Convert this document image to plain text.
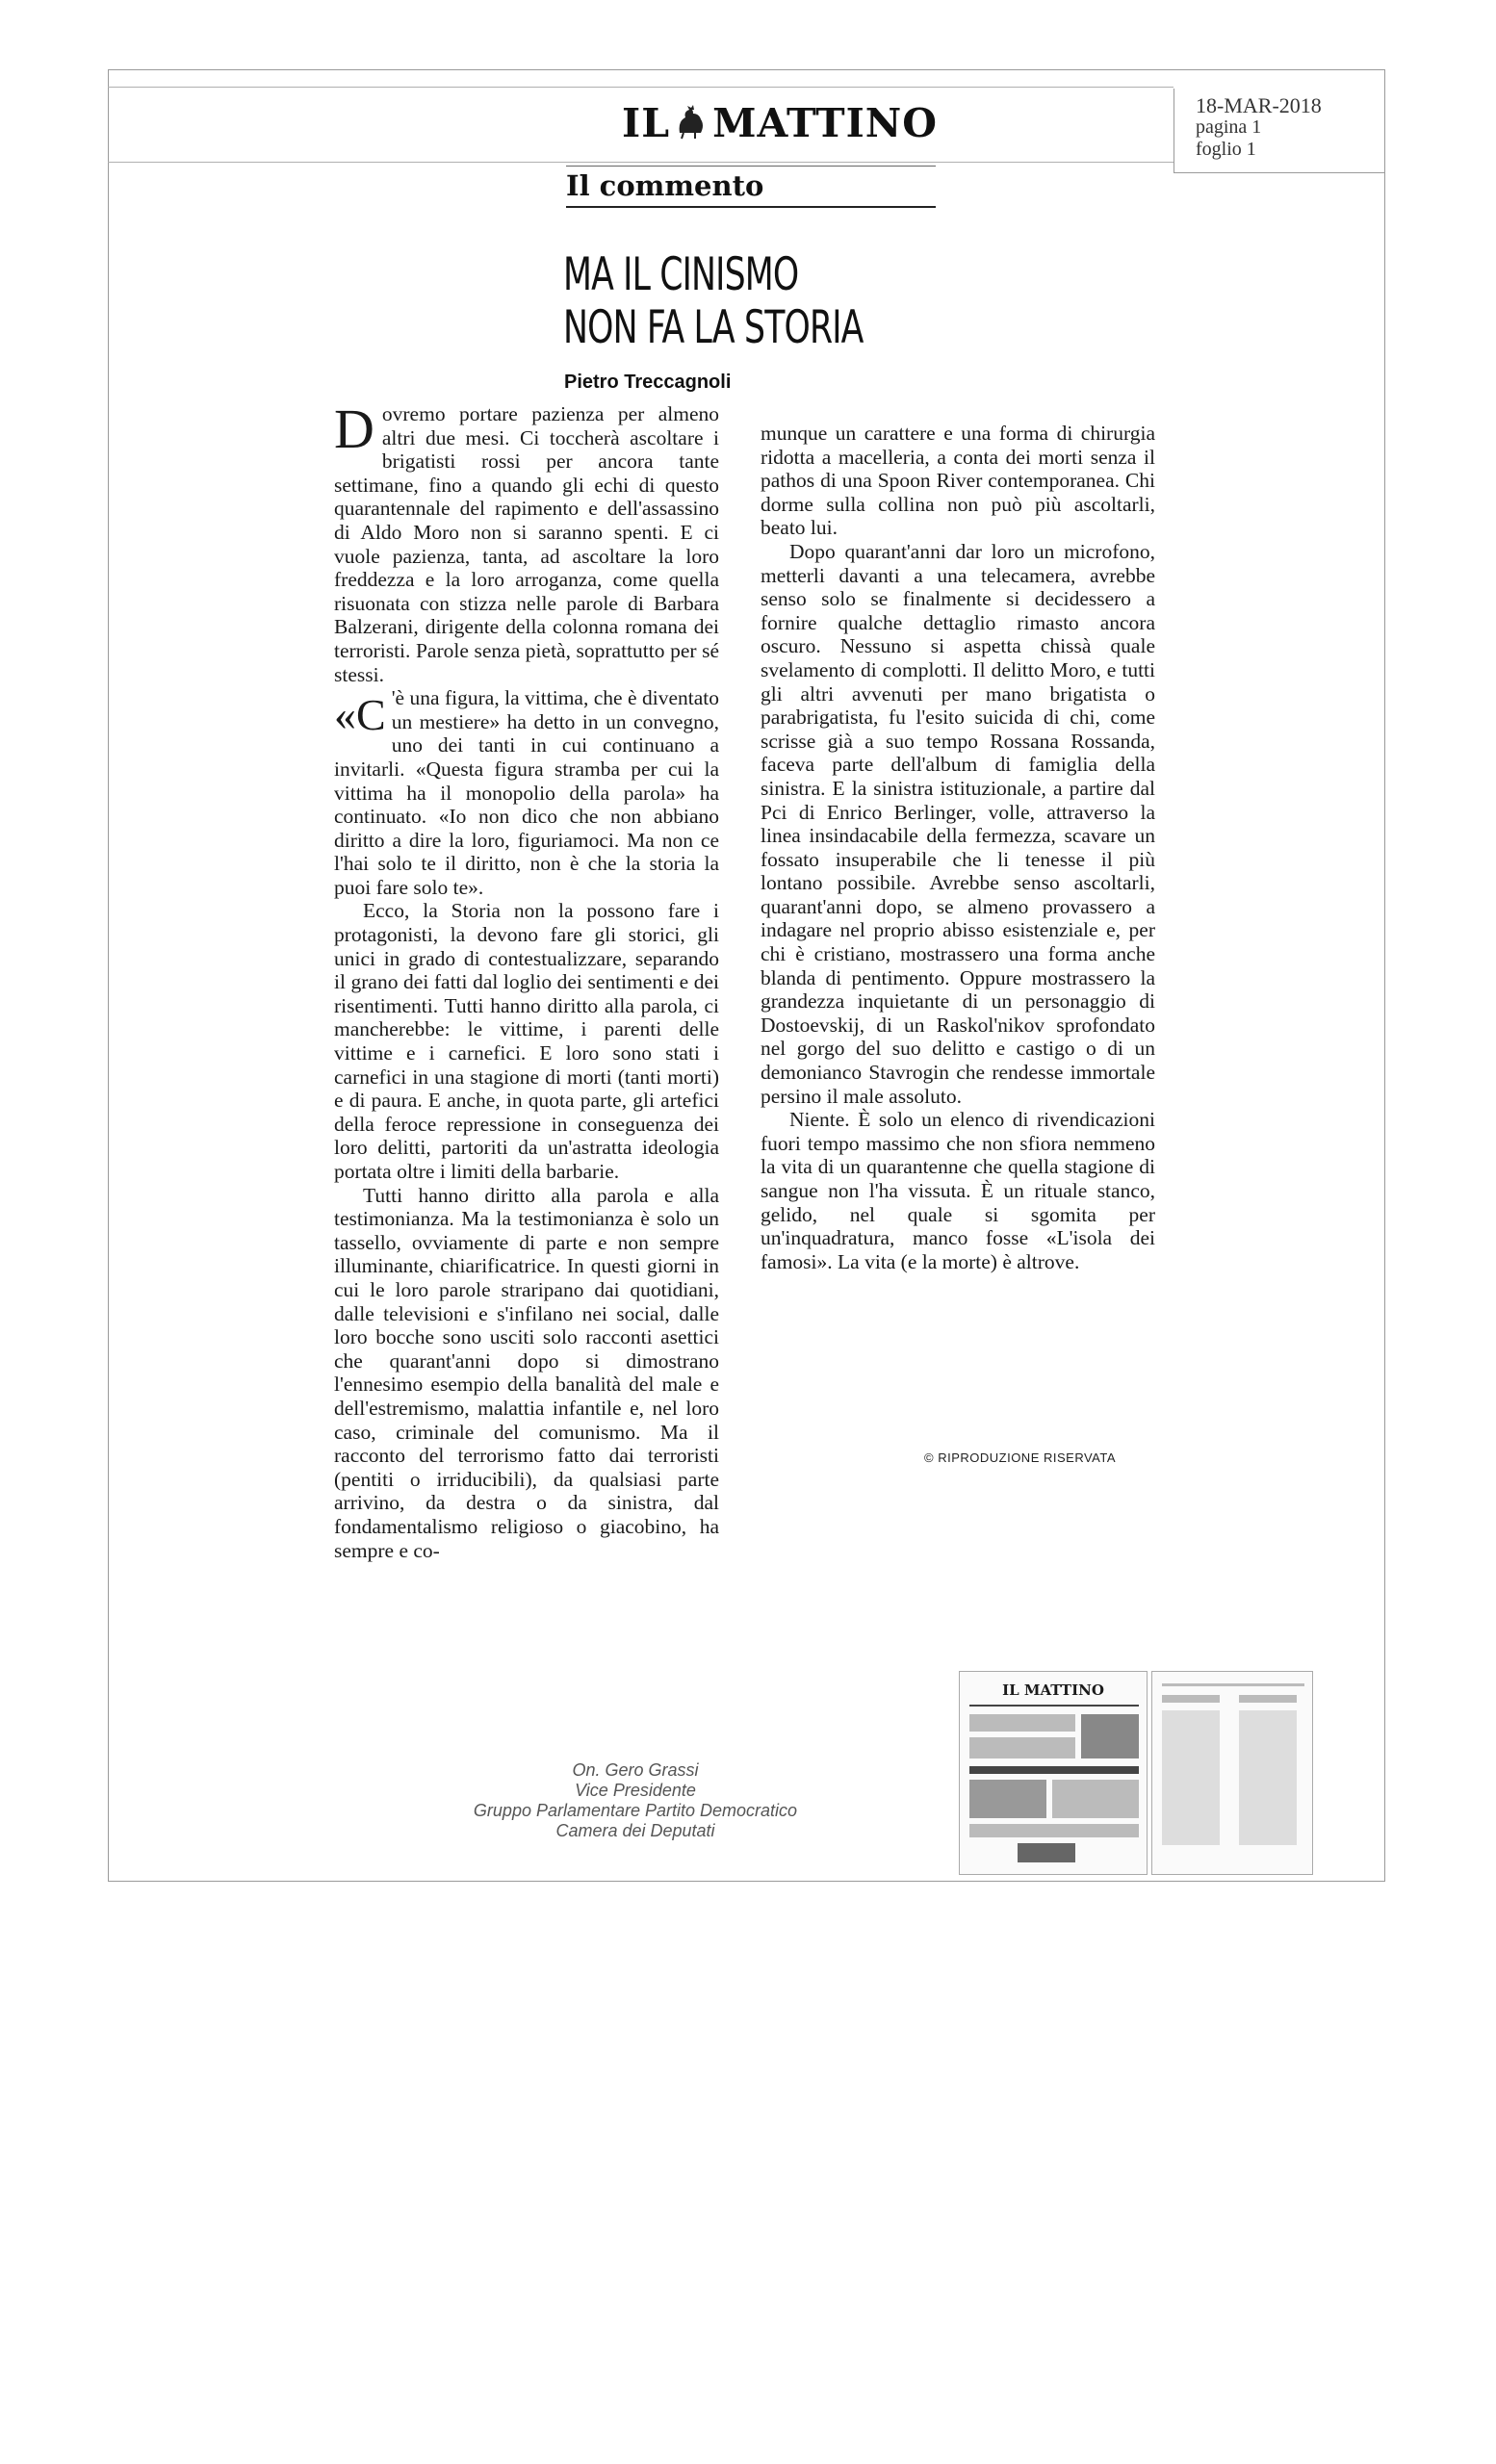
18-MAR-2018
pagina 1
foglio 1
IL MATTINO
Il commento
MA IL CINISMO
NON FA LA STORIA
Pietro Treccagnoli

Dovremo portare pazienza per almeno altri due mesi. Ci toccherà ascoltare i brigatisti rossi per ancora tante settimane, fino a quando gli echi di questo quarantennale del rapimento e dell'assassino di Aldo Moro non si saranno spenti. E ci vuole pazienza, tanta, ad ascoltare la loro freddezza e la loro arroganza, come quella risuonata con stizza nelle parole di Barbara Balzerani, dirigente della colonna romana dei terroristi. Parole senza pietà, soprattutto per sé stessi.

«C 'è una figura, la vittima, che è diventato un mestiere» ha detto in un convegno, uno dei tanti in cui continuano a invitarli. «Questa figura stramba per cui la vittima ha il monopolio della parola» ha continuato. «Io non dico che non abbiano diritto a dire la loro, figuriamoci. Ma non ce l'hai solo te il diritto, non è che la storia la puoi fare solo te».

Ecco, la Storia non la possono fare i protagonisti, la devono fare gli storici, gli unici in grado di contestualizzare, separando il grano dei fatti dal loglio dei sentimenti e dei risentimenti. Tutti hanno diritto alla parola, ci mancherebbe: le vittime, i parenti delle vittime e i carnefici. E loro sono stati i carnefici in una stagione di morti (tanti morti) e di paura. E anche, in quota parte, gli artefici della feroce repressione in conseguenza dei loro delitti, partoriti da un'astratta ideologia portata oltre i limiti della barbarie.

Tutti hanno diritto alla parola e alla testimonianza. Ma la testimonianza è solo un tassello, ovviamente di parte e non sempre illuminante, chiarificatrice. In questi giorni in cui le loro parole straripano dai quotidiani, dalle televisioni e s'infilano nei social, dalle loro bocche sono usciti solo racconti asettici che quarant'anni dopo si dimostrano l'ennesimo esempio della banalità del male e dell'estremismo, malattia infantile e, nel loro caso, criminale del comunismo. Ma il racconto del terrorismo fatto dai terroristi (pentiti o irriducibili), da qualsiasi parte arrivino, da destra o da sinistra, dal fondamentalismo religioso o giacobino, ha sempre e co-

munque un carattere e una forma di chirurgia ridotta a macelleria, a conta dei morti senza il pathos di una Spoon River contemporanea. Chi dorme sulla collina non può più ascoltarli, beato lui.

Dopo quarant'anni dar loro un microfono, metterli davanti a una telecamera, avrebbe senso solo se finalmente si decidessero a fornire qualche dettaglio rimasto ancora oscuro. Nessuno si aspetta chissà quale svelamento di complotti. Il delitto Moro, e tutti gli altri avvenuti per mano brigatista o parabrigatista, fu l'esito suicida di chi, come scrisse già a suo tempo Rossana Rossanda, faceva parte dell'album di famiglia della sinistra. E la sinistra istituzionale, a partire dal Pci di Enrico Berlinger, volle, attraverso la linea insindacabile della fermezza, scavare un fossato insuperabile che li tenesse il più lontano possibile. Avrebbe senso ascoltarli, quarant'anni dopo, se almeno provassero a indagare nel proprio abisso esistenziale e, per chi è cristiano, mostrassero una forma anche blanda di pentimento. Oppure mostrassero la grandezza inquietante di un personaggio di Dostoevskij, di un Raskol'nikov sprofondato nel gorgo del suo delitto e castigo o di un demonianco Stavrogin che rendesse immortale persino il male assoluto.

Niente. È solo un elenco di rivendicazioni fuori tempo massimo che non sfiora nemmeno la vita di un quarantenne che quella stagione di sangue non l'ha vissuta. È un rituale stanco, gelido, nel quale si sgomita per un'inquadratura, manco fosse «L'isola dei famosi». La vita (e la morte) è altrove.

© RIPRODUZIONE RISERVATA
On. Gero Grassi
Vice Presidente
Gruppo Parlamentare Partito Democratico
Camera dei Deputati
IL MATTINO
